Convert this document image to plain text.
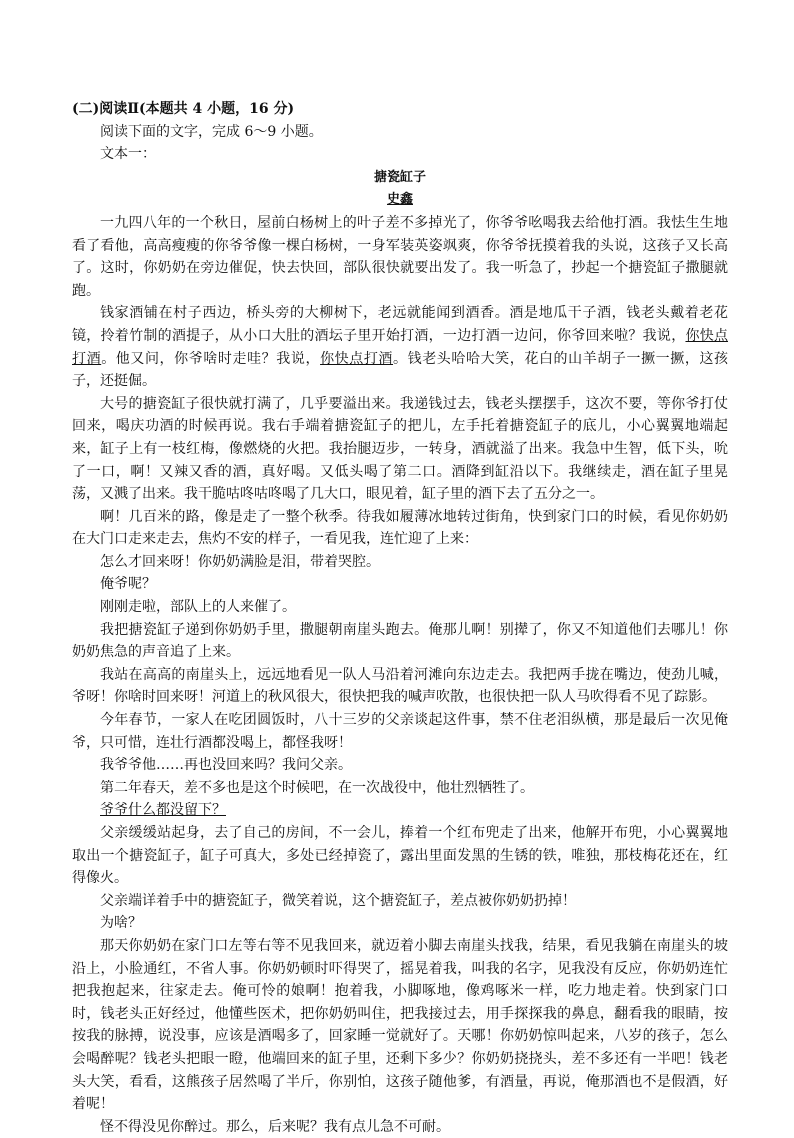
(二)阅读Ⅱ(本题共 4 小题，16 分)

阅读下面的文字，完成 6～9 小题。

文本一：

搪瓷缸子

史鑫

一九四八年的一个秋日，屋前白杨树上的叶子差不多掉光了，你爷爷吆喝我去给他打酒。我怯生生地看了看他，高高瘦瘦的你爷爷像一棵白杨树，一身军装英姿飒爽，你爷爷抚摸着我的头说，这孩子又长高了。这时，你奶奶在旁边催促，快去快回，部队很快就要出发了。我一听急了，抄起一个搪瓷缸子撒腿就跑。

钱家酒铺在村子西边，桥头旁的大柳树下，老远就能闻到酒香。酒是地瓜干子酒，钱老头戴着老花镜，拎着竹制的酒提子，从小口大肚的酒坛子里开始打酒，一边打酒一边问，你爷回来啦？我说，你快点打酒。他又问，你爷啥时走哇？我说，你快点打酒。钱老头哈哈大笑，花白的山羊胡子一撅一撅，这孩子，还挺倔。

大号的搪瓷缸子很快就打满了，几乎要溢出来。我递钱过去，钱老头摆摆手，这次不要，等你爷打仗回来，喝庆功酒的时候再说。我右手端着搪瓷缸子的把儿，左手托着搪瓷缸子的底儿，小心翼翼地端起来，缸子上有一枝红梅，像燃烧的火把。我抬腿迈步，一转身，酒就溢了出来。我急中生智，低下头，吮了一口，啊！又辣又香的酒，真好喝。又低头喝了第二口。酒降到缸沿以下。我继续走，酒在缸子里晃荡，又溅了出来。我干脆咕咚咕咚喝了几大口，眼见着，缸子里的酒下去了五分之一。

啊！几百米的路，像是走了一整个秋季。待我如履薄冰地转过街角，快到家门口的时候，看见你奶奶在大门口走来走去，焦灼不安的样子，一看见我，连忙迎了上来：

怎么才回来呀！你奶奶满脸是泪，带着哭腔。

俺爷呢？

刚刚走啦，部队上的人来催了。

我把搪瓷缸子递到你奶奶手里，撒腿朝南崖头跑去。俺那儿啊！别撵了，你又不知道他们去哪儿！你奶奶焦急的声音追了上来。

我站在高高的南崖头上，远远地看见一队人马沿着河滩向东边走去。我把两手拢在嘴边，使劲儿喊，爷呀！你啥时回来呀！河道上的秋风很大，很快把我的喊声吹散，也很快把一队人马吹得看不见了踪影。

今年春节，一家人在吃团圆饭时，八十三岁的父亲谈起这件事，禁不住老泪纵横，那是最后一次见俺爷，只可惜，连壮行酒都没喝上，都怪我呀！

我爷爷他……再也没回来吗？我问父亲。

第二年春天，差不多也是这个时候吧，在一次战役中，他壮烈牺牲了。

爷爷什么都没留下？

父亲缓缓站起身，去了自己的房间，不一会儿，捧着一个红布兜走了出来，他解开布兜，小心翼翼地取出一个搪瓷缸子，缸子可真大，多处已经掉瓷了，露出里面发黑的生锈的铁，唯独，那枝梅花还在，红得像火。

父亲端详着手中的搪瓷缸子，微笑着说，这个搪瓷缸子，差点被你奶奶扔掉！

为啥？

那天你奶奶在家门口左等右等不见我回来，就迈着小脚去南崖头找我，结果，看见我躺在南崖头的坡沿上，小脸通红，不省人事。你奶奶顿时吓得哭了，摇晃着我，叫我的名字，见我没有反应，你奶奶连忙把我抱起来，往家走去。俺可怜的娘啊！抱着我，小脚啄地，像鸡啄米一样，吃力地走着。快到家门口时，钱老头正好经过，他懂些医术，把你奶奶叫住，把我接过去，用手探探我的鼻息，翻看我的眼睛，按按我的脉搏，说没事，应该是酒喝多了，回家睡一觉就好了。天哪！你奶奶惊叫起来，八岁的孩子，怎么会喝醉呢？钱老头把眼一瞪，他端回来的缸子里，还剩下多少？你奶奶挠挠头，差不多还有一半吧！钱老头大笑，看看，这熊孩子居然喝了半斤，你别怕，这孩子随他爹，有酒量，再说，俺那酒也不是假酒，好着呢！

怪不得没见你醉过。那么，后来呢？我有点儿急不可耐。
